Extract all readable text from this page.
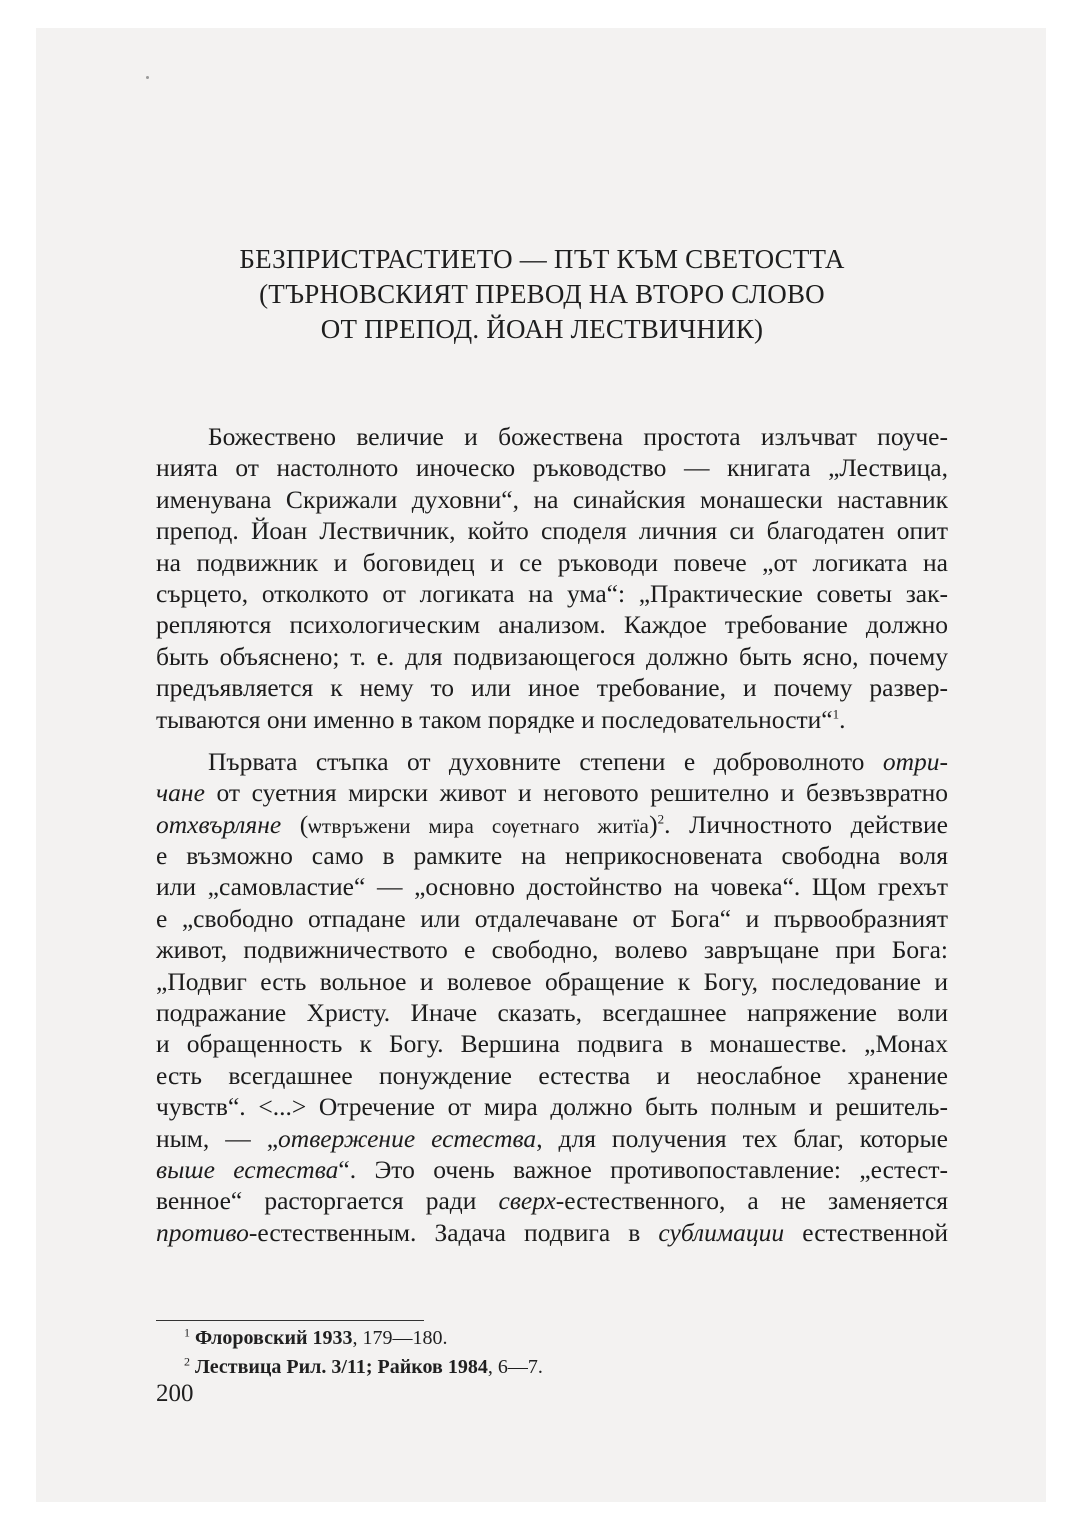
БЕЗПРИСТРАСТИЕТО — ПЪТ КЪМ СВЕТОСТТА
(ТЪРНОВСКИЯТ ПРЕВОД НА ВТОРО СЛОВО
ОТ ПРЕПОД. ЙОАН ЛЕСТВИЧНИК)
Божествено величие и божествена простота излъчват поуче-
нията от настолното иноческо ръководство — книгата „Лествица,
именувана Скрижали духовни“, на синайския монашески наставник
препод. Йоан Лествичник, който споделя личния си благодатен опит
на подвижник и боговидец и се ръководи повече „от логиката на
сърцето, отколкото от логиката на ума“: „Практические советы зак-
репляются психологическим анализом. Каждое требование должно
быть объяснено; т. е. для подвизающегося должно быть ясно, почему
предъявляется к нему то или иное требование, и почему развер-
тываются они именно в таком порядке и последовательности“$^1$.
Първата стъпка от духовните степени е доброволното отри-
чане от суетния мирски живот и неговото решително и безвъзвратно
отхвърляне (ѡтвръжени мира сѹетнаго житїа)$^2$. Личностното действие
е възможно само в рамките на неприкосновената свободна воля
или „самовластие“ — „основно достойнство на човека“. Щом грехът
е „свободно отпадане или отдалечаване от Бога“ и първообразният
живот, подвижничеството е свободно, волево завръщане при Бога:
„Подвиг есть вольное и волевое обращение к Богу, последование и
подражание Христу. Иначе сказать, всегдашнее напряжение воли
и обращенность к Богу. Вершина подвига в монашестве. „Монах
есть всегдашнее понуждение естества и неослабное хранение
чувств“. <...> Отречение от мира должно быть полным и решитель-
ным, — „отвержение естества, для получения тех благ, которые
выше естества“. Это очень важное противопоставление: „естест-
венное“ расторгается ради сверх-естественного, а не заменяется
противо-естественным. Задача подвига в сублимации естественной
$^1$ Флоровский 1933, 179—180.
$^2$ Лествица Рил. 3/11; Райков 1984, 6—7.
200
